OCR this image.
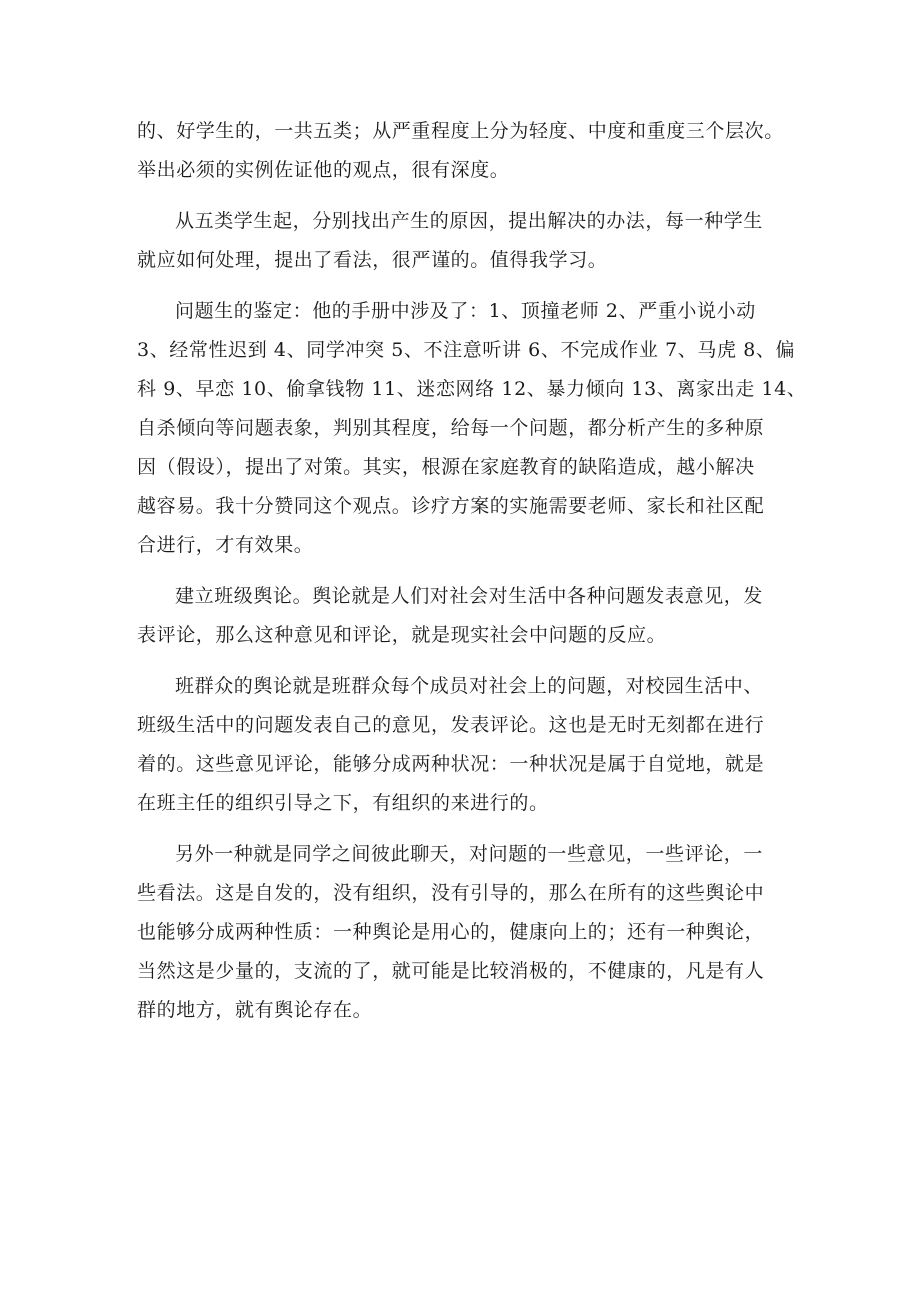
的、好学生的，一共五类；从严重程度上分为轻度、中度和重度三个层次。
举出必须的实例佐证他的观点，很有深度。

从五类学生起，分别找出产生的原因，提出解决的办法，每一种学生
就应如何处理，提出了看法，很严谨的。值得我学习。

问题生的鉴定：他的手册中涉及了：1、顶撞老师 2、严重小说小动
3、经常性迟到 4、同学冲突 5、不注意听讲 6、不完成作业 7、马虎 8、偏
科 9、早恋 10、偷拿钱物 11、迷恋网络 12、暴力倾向 13、离家出走 14、
自杀倾向等问题表象，判别其程度，给每一个问题，都分析产生的多种原
因（假设），提出了对策。其实，根源在家庭教育的缺陷造成，越小解决
越容易。我十分赞同这个观点。诊疗方案的实施需要老师、家长和社区配
合进行，才有效果。

建立班级舆论。舆论就是人们对社会对生活中各种问题发表意见，发
表评论，那么这种意见和评论，就是现实社会中问题的反应。

班群众的舆论就是班群众每个成员对社会上的问题，对校园生活中、
班级生活中的问题发表自己的意见，发表评论。这也是无时无刻都在进行
着的。这些意见评论，能够分成两种状况：一种状况是属于自觉地，就是
在班主任的组织引导之下，有组织的来进行的。

另外一种就是同学之间彼此聊天，对问题的一些意见，一些评论，一
些看法。这是自发的，没有组织，没有引导的，那么在所有的这些舆论中
也能够分成两种性质：一种舆论是用心的，健康向上的；还有一种舆论，
当然这是少量的，支流的了，就可能是比较消极的，不健康的，凡是有人
群的地方，就有舆论存在。
